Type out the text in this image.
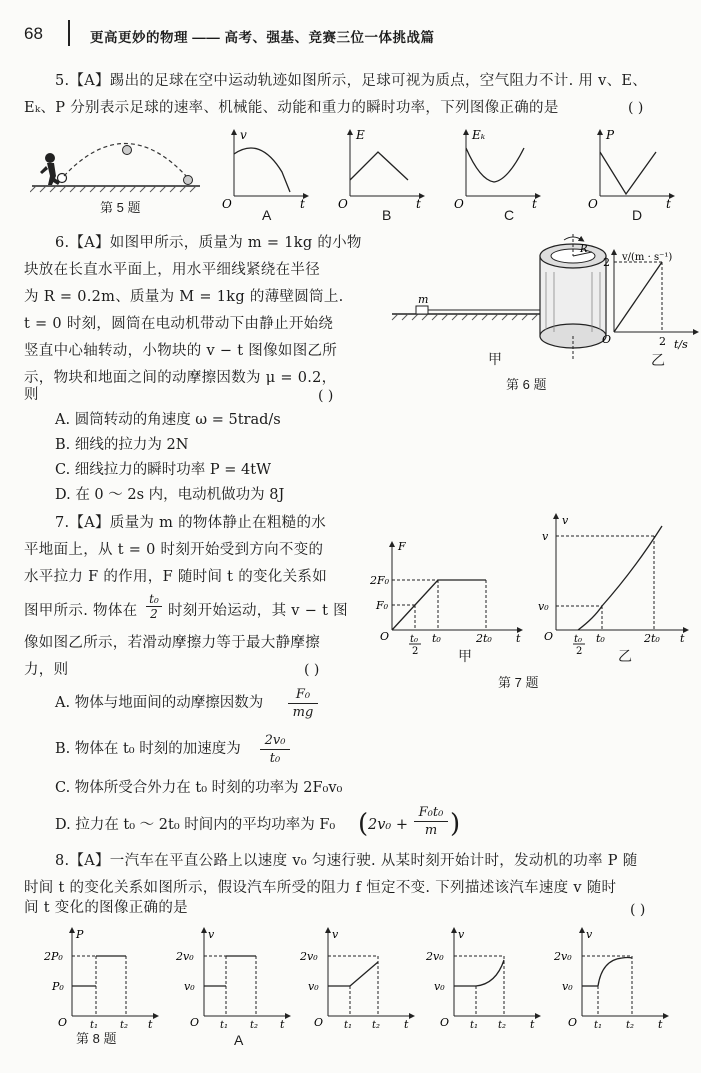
68	更高更妙的物理 —— 高考、强基、竞赛三位一体挑战篇
5.【A】踢出的足球在空中运动轨迹如图所示，足球可视为质点，空气阻力不计. 用 v、E、
Eₖ、P 分别表示足球的速率、机械能、动能和重力的瞬时功率，下列图像正确的是	( )
第 5 题
v
t
O
E
t
O
Eₖ
t
O
P
t
O
A	B	C	D
6.【A】如图甲所示，质量为 m = 1kg 的小物
块放在长直水平面上，用水平细线紧绕在半径
为 R = 0.2m、质量为 M = 1kg 的薄壁圆筒上.
t = 0 时刻，圆筒在电动机带动下由静止开始绕
竖直中心轴转动，小物块的 v − t 图像如图乙所
示，物块和地面之间的动摩擦因数为 μ = 0.2，
则	( )
A. 圆筒转动的角速度 ω = 5trad/s
B. 细线的拉力为 2N
C. 细线拉力的瞬时功率 P = 4tW
D. 在 0 ～ 2s 内，电动机做功为 8J
m
R
甲
第 6 题
v/(m · s⁻¹)
2
2 t/s
O
乙
7.【A】质量为 m 的物体静止在粗糙的水
平地面上，从 t = 0 时刻开始受到方向不变的
水平拉力 F 的作用，F 随时间 t 的变化关系如
图甲所示. 物体在 $\frac{\text{t₀}}{2}$ 时刻开始运动，其 v − t 图
像如图乙所示，若滑动摩擦力等于最大静摩擦
力，则	( )
A. 物体与地面间的动摩擦因数为 $\frac{\text{F₀}}{mg}$
B. 物体在 t₀ 时刻的加速度为 $\frac{\text{2v₀}}{\text{t₀}}$
C. 物体所受合外力在 t₀ 时刻的功率为 2F₀v₀
D. 拉力在 t₀ ～ 2t₀ 时间内的平均功率为 F₀ ( $2v_0 + \frac{\text{F₀t₀}}{m}$ )
F
2F₀
F₀
O t₀
2
t₀	2t₀ t
甲
v
v
v₀
O t₀
2
t₀	2t₀ t
乙
第 7 题
8.【A】一汽车在平直公路上以速度 v₀ 匀速行驶. 从某时刻开始计时，发动机的功率 P 随
时间 t 的变化关系如图所示，假设汽车所受的阻力 f 恒定不变. 下列描述该汽车速度 v 随时
间 t 变化的图像正确的是	( )
P
2P₀
P₀
O t₁ t₂ t
v
2v₀
v₀
O t₁ t₂ t
v
2v₀
v₀
O t₁ t₂ t
v
2v₀
v₀
O t₁ t₂ t
v
2v₀
v₀
O t₁ t₂ t
第 8 题	A
